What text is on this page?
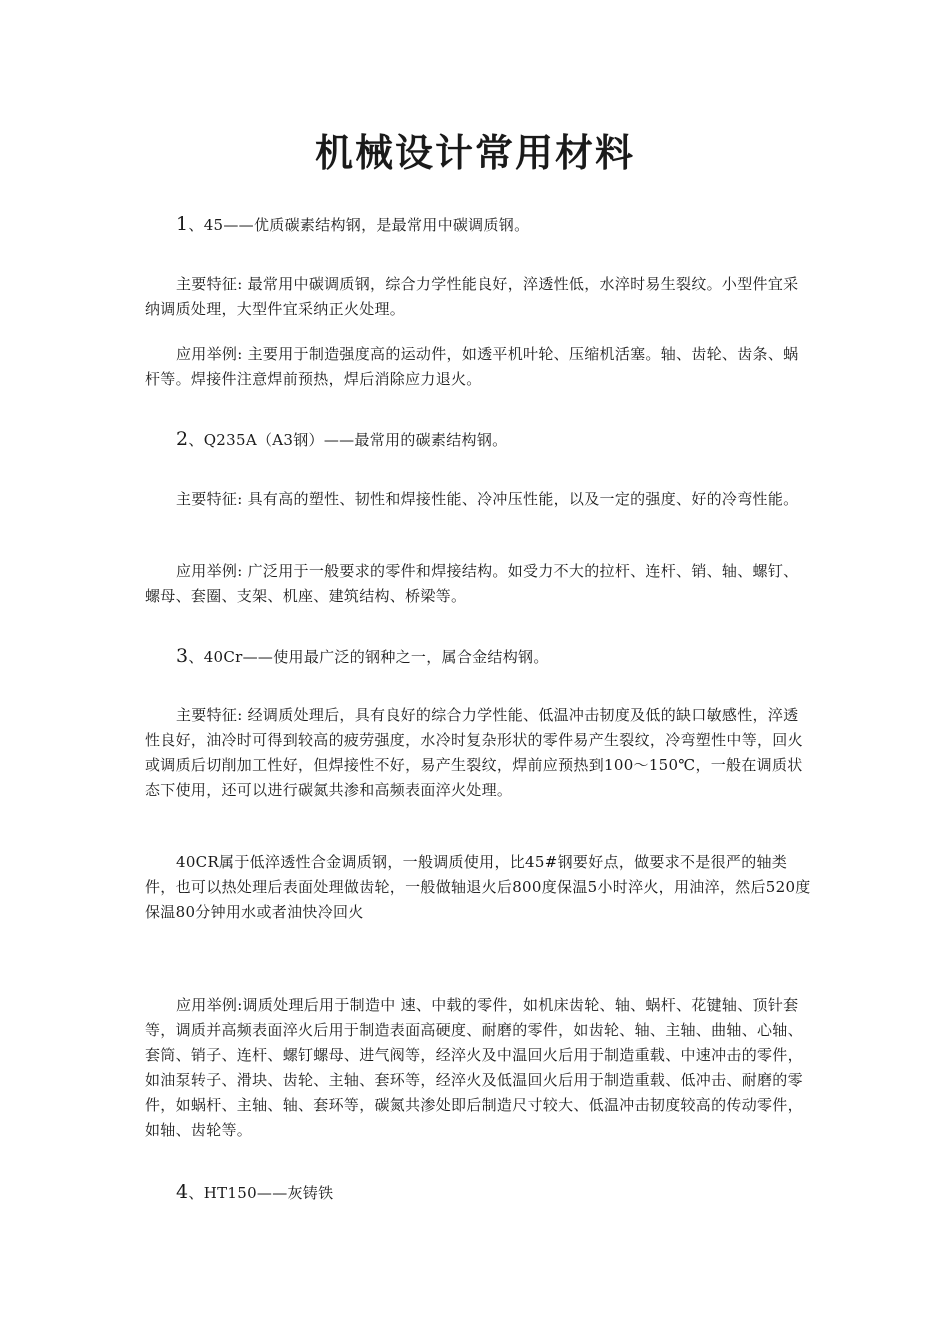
机械设计常用材料

1、45——优质碳素结构钢，是最常用中碳调质钢。

主要特征: 最常用中碳调质钢，综合力学性能良好，淬透性低，水淬时易生裂纹。小型件宜采纳调质处理，大型件宜采纳正火处理。

应用举例: 主要用于制造强度高的运动件，如透平机叶轮、压缩机活塞。轴、齿轮、齿条、蜗杆等。焊接件注意焊前预热，焊后消除应力退火。

2、Q235A（A3钢）——最常用的碳素结构钢。

主要特征: 具有高的塑性、韧性和焊接性能、冷冲压性能，以及一定的强度、好的冷弯性能。

应用举例: 广泛用于一般要求的零件和焊接结构。如受力不大的拉杆、连杆、销、轴、螺钉、螺母、套圈、支架、机座、建筑结构、桥梁等。

3、40Cr——使用最广泛的钢种之一，属合金结构钢。

主要特征: 经调质处理后，具有良好的综合力学性能、低温冲击韧度及低的缺口敏感性，淬透性良好，油冷时可得到较高的疲劳强度，水冷时复杂形状的零件易产生裂纹，冷弯塑性中等，回火或调质后切削加工性好，但焊接性不好，易产生裂纹，焊前应预热到100～150℃，一般在调质状态下使用，还可以进行碳氮共渗和高频表面淬火处理。

40CR属于低淬透性合金调质钢，一般调质使用，比45#钢要好点，做要求不是很严的轴类件，也可以热处理后表面处理做齿轮，一般做轴退火后800度保温5小时淬火，用油淬，然后520度保温80分钟用水或者油快冷回火

应用举例:调质处理后用于制造中 速、中载的零件，如机床齿轮、轴、蜗杆、花键轴、顶针套等，调质并高频表面淬火后用于制造表面高硬度、耐磨的零件，如齿轮、轴、主轴、曲轴、心轴、套筒、销子、连杆、螺钉螺母、进气阀等，经淬火及中温回火后用于制造重载、中速冲击的零件，如油泵转子、滑块、齿轮、主轴、套环等，经淬火及低温回火后用于制造重载、低冲击、耐磨的零件，如蜗杆、主轴、轴、套环等，碳氮共渗处即后制造尺寸较大、低温冲击韧度较高的传动零件，如轴、齿轮等。

4、HT150——灰铸铁
